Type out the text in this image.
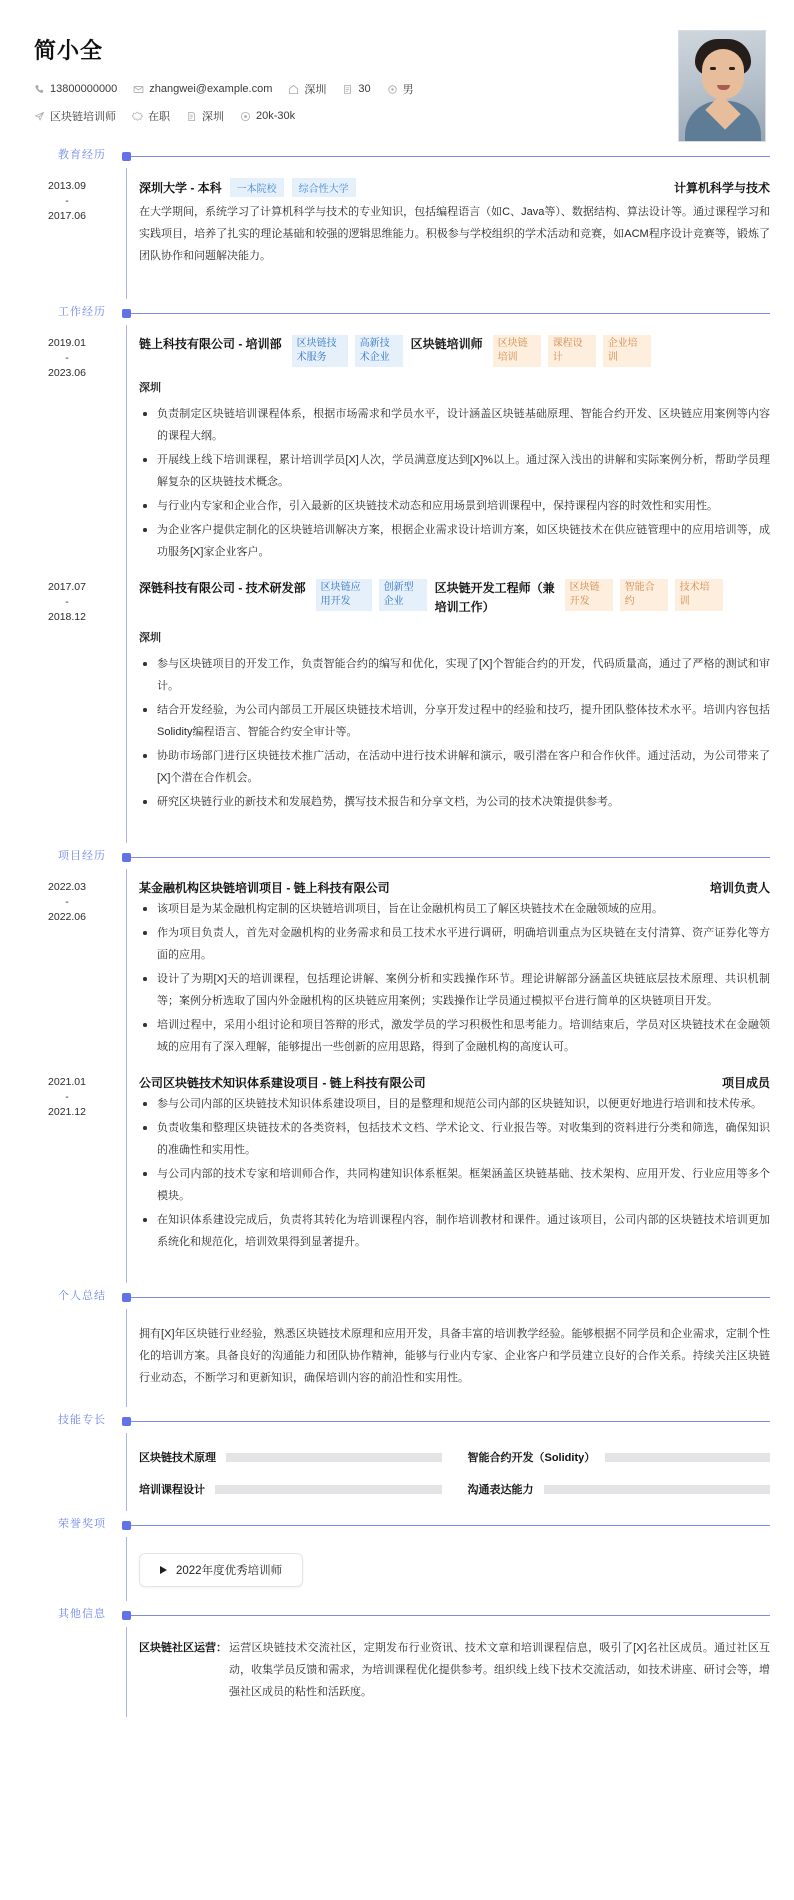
简小全
13800000000	zhangwei@example.com	深圳	30	男
区块链培训师	在职	深圳	20k-30k
教育经历
2013.09
-
2017.06
深圳大学 - 本科	一本院校	综合性大学	计算机科学与技术

在大学期间，系统学习了计算机科学与技术的专业知识，包括编程语言（如C、Java等）、数据结构、算法设计等。通过课程学习和实践项目，培养了扎实的理论基础和较强的逻辑思维能力。积极参与学校组织的学术活动和竞赛，如ACM程序设计竞赛等，锻炼了团队协作和问题解决能力。

工作经历
2019.01
-
2023.06
链上科技有限公司 - 培训部	区块链技术服务
高新技术企业
区块链培训师	区块链培训
课程设计
企业培训
深圳
负责制定区块链培训课程体系，根据市场需求和学员水平，设计涵盖区块链基础原理、智能合约开发、区块链应用案例等内容的课程大纲。
开展线上线下培训课程，累计培训学员[X]人次，学员满意度达到[X]%以上。通过深入浅出的讲解和实际案例分析，帮助学员理解复杂的区块链技术概念。
与行业内专家和企业合作，引入最新的区块链技术动态和应用场景到培训课程中，保持课程内容的时效性和实用性。
为企业客户提供定制化的区块链培训解决方案，根据企业需求设计培训方案，如区块链技术在供应链管理中的应用培训等，成功服务[X]家企业客户。
2017.07
-
2018.12
深链科技有限公司 - 技术研发部	区块链应用开发
创新型企业
区块链开发工程师（兼培训工作）
区块链开发
智能合约
技术培训
深圳
参与区块链项目的开发工作，负责智能合约的编写和优化，实现了[X]个智能合约的开发，代码质量高，通过了严格的测试和审计。
结合开发经验，为公司内部员工开展区块链技术培训，分享开发过程中的经验和技巧，提升团队整体技术水平。培训内容包括Solidity编程语言、智能合约安全审计等。
协助市场部门进行区块链技术推广活动，在活动中进行技术讲解和演示，吸引潜在客户和合作伙伴。通过活动，为公司带来了[X]个潜在合作机会。
研究区块链行业的新技术和发展趋势，撰写技术报告和分享文档，为公司的技术决策提供参考。
项目经历
2022.03
-
2022.06
某金融机构区块链培训项目 - 链上科技有限公司	培训负责人
该项目是为某金融机构定制的区块链培训项目，旨在让金融机构员工了解区块链技术在金融领域的应用。
作为项目负责人，首先对金融机构的业务需求和员工技术水平进行调研，明确培训重点为区块链在支付清算、资产证券化等方面的应用。
设计了为期[X]天的培训课程，包括理论讲解、案例分析和实践操作环节。理论讲解部分涵盖区块链底层技术原理、共识机制等；案例分析选取了国内外金融机构的区块链应用案例；实践操作让学员通过模拟平台进行简单的区块链项目开发。
培训过程中，采用小组讨论和项目答辩的形式，激发学员的学习积极性和思考能力。培训结束后，学员对区块链技术在金融领域的应用有了深入理解，能够提出一些创新的应用思路，得到了金融机构的高度认可。
2021.01
-
2021.12
公司区块链技术知识体系建设项目 - 链上科技有限公司	项目成员
参与公司内部的区块链技术知识体系建设项目，目的是整理和规范公司内部的区块链知识，以便更好地进行培训和技术传承。
负责收集和整理区块链技术的各类资料，包括技术文档、学术论文、行业报告等。对收集到的资料进行分类和筛选，确保知识的准确性和实用性。
与公司内部的技术专家和培训师合作，共同构建知识体系框架。框架涵盖区块链基础、技术架构、应用开发、行业应用等多个模块。
在知识体系建设完成后，负责将其转化为培训课程内容，制作培训教材和课件。通过该项目，公司内部的区块链技术培训更加系统化和规范化，培训效果得到显著提升。
个人总结

拥有[X]年区块链行业经验，熟悉区块链技术原理和应用开发，具备丰富的培训教学经验。能够根据不同学员和企业需求，定制个性化的培训方案。具备良好的沟通能力和团队协作精神，能够与行业内专家、企业客户和学员建立良好的合作关系。持续关注区块链行业动态，不断学习和更新知识，确保培训内容的前沿性和实用性。

技能专长
区块链技术原理	智能合约开发（Solidity）
培训课程设计	沟通表达能力
荣誉奖项
2022年度优秀培训师
其他信息
区块链社区运营： 运营区块链技术交流社区，定期发布行业资讯、技术文章和培训课程信息，吸引了[X]名社区成员。通过社区互动，收集学员反馈和需求，为培训课程优化提供参考。组织线上线下技术交流活动，如技术讲座、研讨会等，增强社区成员的粘性和活跃度。
